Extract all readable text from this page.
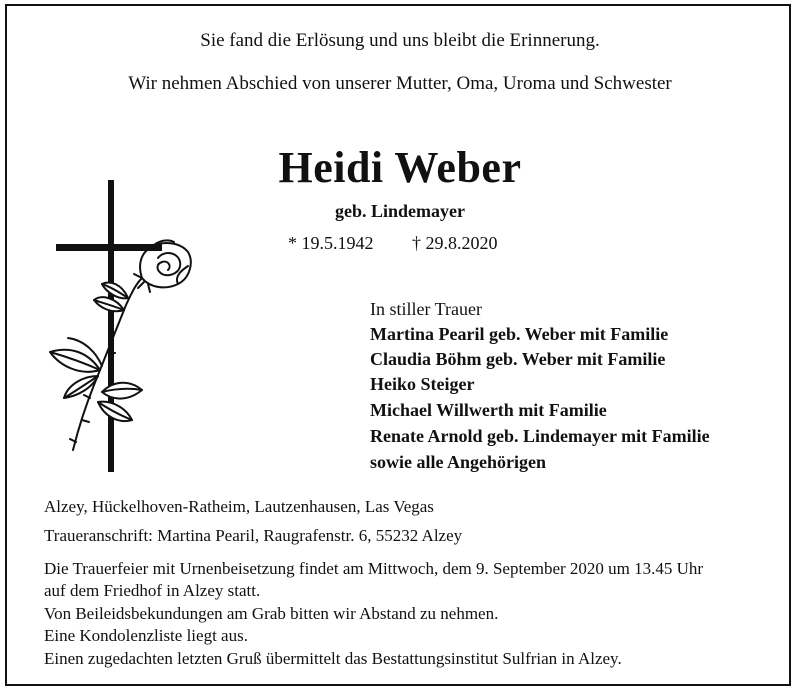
Sie fand die Erlösung und uns bleibt die Erinnerung.
Wir nehmen Abschied von unserer Mutter, Oma, Uroma und Schwester
Heidi Weber
geb. Lindemayer
* 19.5.1942 † 29.8.2020
In stiller Trauer
Martina Pearil geb. Weber mit Familie
Claudia Böhm geb. Weber mit Familie
Heiko Steiger
Michael Willwerth mit Familie
Renate Arnold geb. Lindemayer mit Familie
sowie alle Angehörigen
Alzey, Hückelhoven-Ratheim, Lautzenhausen, Las Vegas
Traueranschrift: Martina Pearil, Raugrafenstr. 6, 55232 Alzey
Die Trauerfeier mit Urnenbeisetzung findet am Mittwoch, dem 9. September 2020 um 13.45 Uhr
auf dem Friedhof in Alzey statt.
Von Beileidsbekundungen am Grab bitten wir Abstand zu nehmen.
Eine Kondolenzliste liegt aus.
Einen zugedachten letzten Gruß übermittelt das Bestattungsinstitut Sulfrian in Alzey.
